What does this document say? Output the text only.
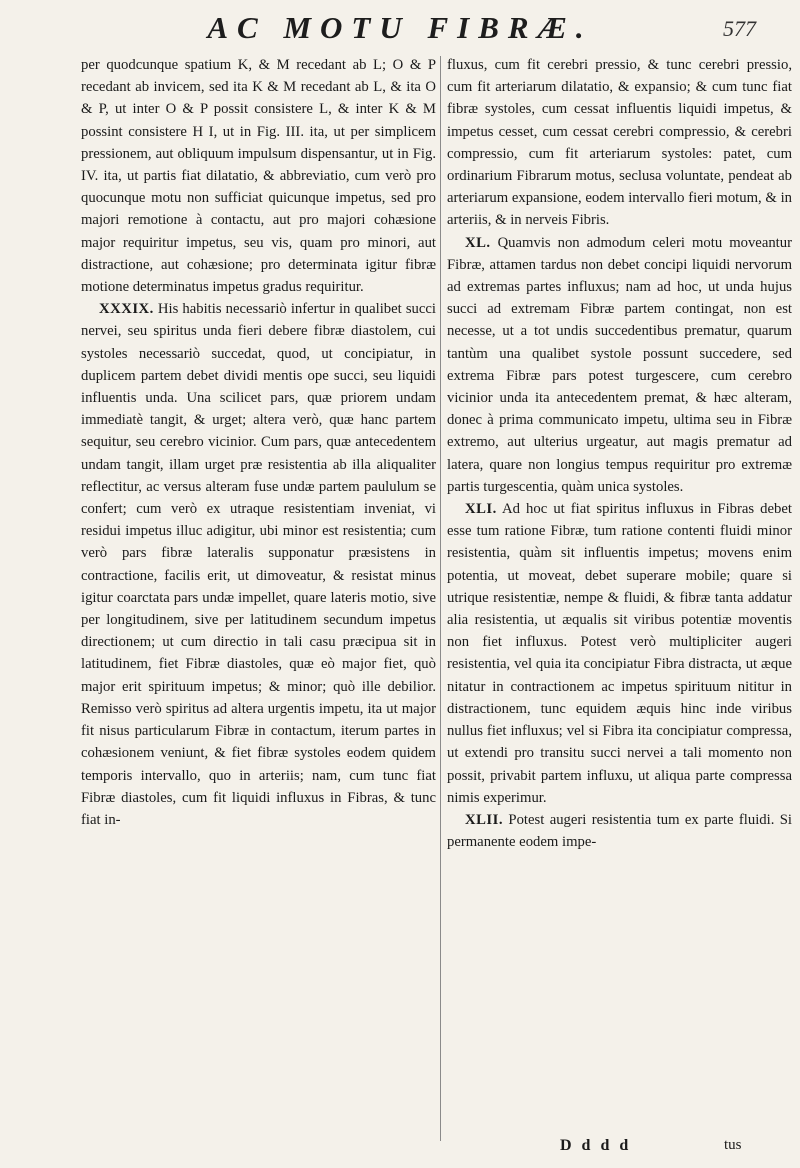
AC MOTU FIBRÆ.	577

per quodcunque spatium K, & M recedant ab L; O & P recedant ab invicem, sed ita K & M recedant ab L, & ita O & P, ut inter O & P possit consistere L, & inter K & M possint consistere H I, ut in Fig. III. ita, ut per simplicem pressionem, aut obliquum impulsum dispensantur, ut in Fig. IV. ita, ut partis fiat dilatatio, & abbreviatio, cum verò pro quocunque motu non sufficiat quicunque impetus, sed pro majori remotione à contactu, aut pro majori cohæsione major requiritur impetus, seu vis, quam pro minori, aut distractione, aut cohæsione; pro determinata igitur fibræ motione determinatus impetus gradus requiritur.

XXXIX. His habitis necessariò infertur in qualibet succi nervei, seu spiritus unda fieri debere fibræ diastolem, cui systoles necessariò succedat, quod, ut concipiatur, in duplicem partem debet dividi mentis ope succi, seu liquidi influentis unda. Una scilicet pars, quæ priorem undam immediatè tangit, & urget; altera verò, quæ hanc partem sequitur, seu cerebro vicinior. Cum pars, quæ antecedentem undam tangit, illam urget præ resistentia ab illa aliqualiter reflectitur, ac versus alteram fuse undæ partem paululum se confert; cum verò ex utraque resistentiam inveniat, vi residui impetus illuc adigitur, ubi minor est resistentia; cum verò pars fibræ lateralis supponatur præsistens in contractione, facilis erit, ut dimoveatur, & resistat minus igitur coarctata pars undæ impellet, quare lateris motio, sive per longitudinem, sive per latitudinem secundum impetus directionem; ut cum directio in tali casu præcipua sit in latitudinem, fiet Fibræ diastoles, quæ eò major fiet, quò major erit spirituum impetus; & minor; quò ille debilior. Remisso verò spiritus ad altera urgentis impetu, ita ut major fit nisus particularum Fibræ in contactum, iterum partes in cohæsionem veniunt, & fiet fibræ systoles eodem quidem temporis intervallo, quo in arteriis; nam, cum tunc fiat Fibræ diastoles, cum fit liquidi influxus in Fibras, & tunc fiat in-

fluxus, cum fit cerebri pressio, & tunc cerebri pressio, cum fit arteriarum dilatatio, & expansio; & cum tunc fiat fibræ systoles, cum cessat influentis liquidi impetus, & impetus cesset, cum cessat cerebri compressio, & cerebri compressio, cum fit arteriarum systoles: patet, cum ordinarium Fibrarum motus, seclusa voluntate, pendeat ab arteriarum expansione, eodem intervallo fieri motum, & in arteriis, & in nerveis Fibris.

XL. Quamvis non admodum celeri motu moveantur Fibræ, attamen tardus non debet concipi liquidi nervorum ad extremas partes influxus; nam ad hoc, ut unda hujus succi ad extremam Fibræ partem contingat, non est necesse, ut a tot undis succedentibus prematur, quarum tantùm una qualibet systole possunt succedere, sed extrema Fibræ pars potest turgescere, cum cerebro vicinior unda ita antecedentem premat, & hæc alteram, donec à prima communicato impetu, ultima seu in Fibræ extremo, aut ulterius urgeatur, aut magis prematur ad latera, quare non longius tempus requiritur pro extremæ partis turgescentia, quàm unica systoles.

XLI. Ad hoc ut fiat spiritus influxus in Fibras debet esse tum ratione Fibræ, tum ratione contenti fluidi minor resistentia, quàm sit influentis impetus; movens enim potentia, ut moveat, debet superare mobile; quare si utrique resistentiæ, nempe & fluidi, & fibræ tanta addatur alia resistentia, ut æqualis sit viribus potentiæ moventis non fiet influxus. Potest verò multipliciter augeri resistentia, vel quia ita concipiatur Fibra distracta, ut æque nitatur in contractionem ac impetus spirituum nititur in distractionem, tunc equidem æquis hinc inde viribus nullus fiet influxus; vel si Fibra ita concipiatur compressa, ut extendi pro transitu succi nervei a tali momento non possit, privabit partem influxu, ut aliqua parte compressa nimis experimur.

XLII. Potest augeri resistentia tum ex parte fluidi. Si permanente eodem impe-

D d d d	tus
